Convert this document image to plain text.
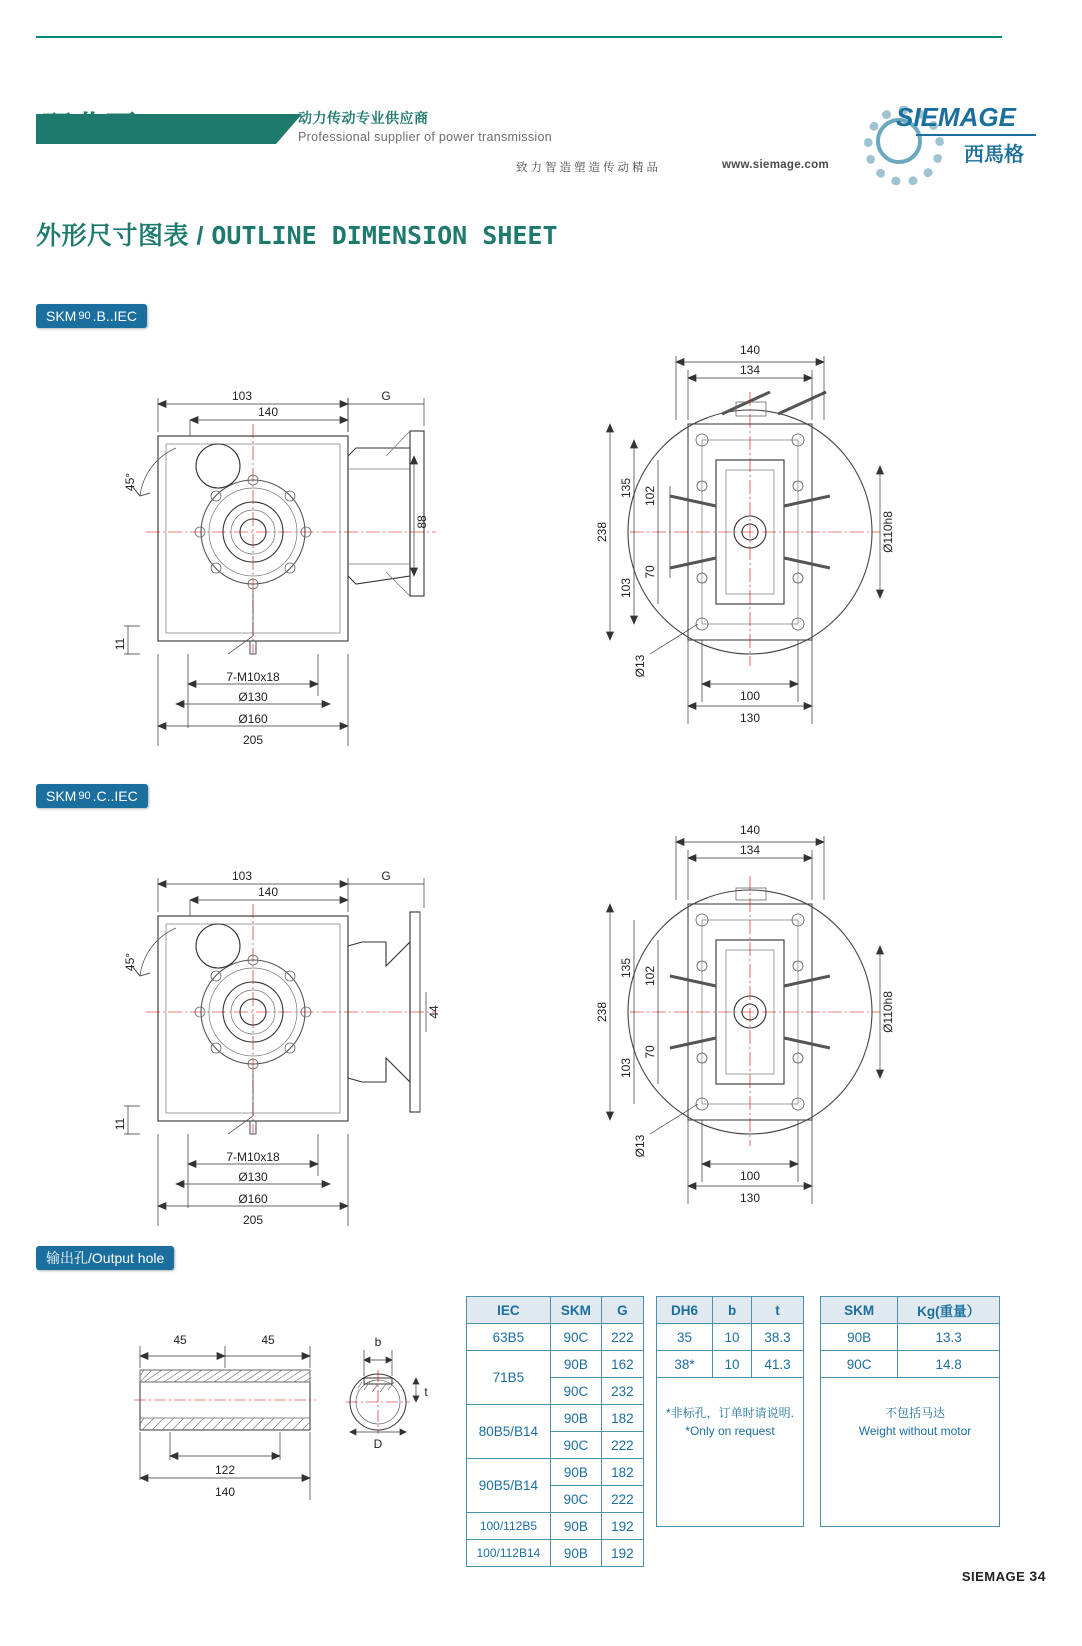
双曲面 系列
西马格双曲面减速机
动力传动专业供应商
Professional supplier of power transmission
致力智造塑造传动精品	www.siemage.com
SIEMAGE
西馬格
外形尺寸图表 / OUTLINE DIMENSION SHEET
SKM 90 .B..IEC
103	G
140
88
45°
11
7-M10x18
Ø130
Ø160
205
140
134
238
135 102
103
70
Ø13
100
130
Ø110h8
SKM 90 .C..IEC
103	G
140
44
45°
11
7-M10x18
Ø130
Ø160
205
140
134
238
135 102
103
70
Ø13
100
130
Ø110h8
输出孔/Output hole
45	45
122
140
b
t
D
IEC	SKM	G
63B5	90C	222
71B5	90B	162
	90C	232
80B5/B14	90B	182
	90C	222
90B5/B14	90B	182
	90C	222
100/112B5	90B	192
100/112B14	90B	192
DH6	b	t
35	10	38.3
38*	10	41.3

*非标孔，订单时请说明.
*Only on request		
SKM	Kg(重量）
90B	13.3
90C	14.8

不包括马达
Weight without motor	
SIEMAGE 34
